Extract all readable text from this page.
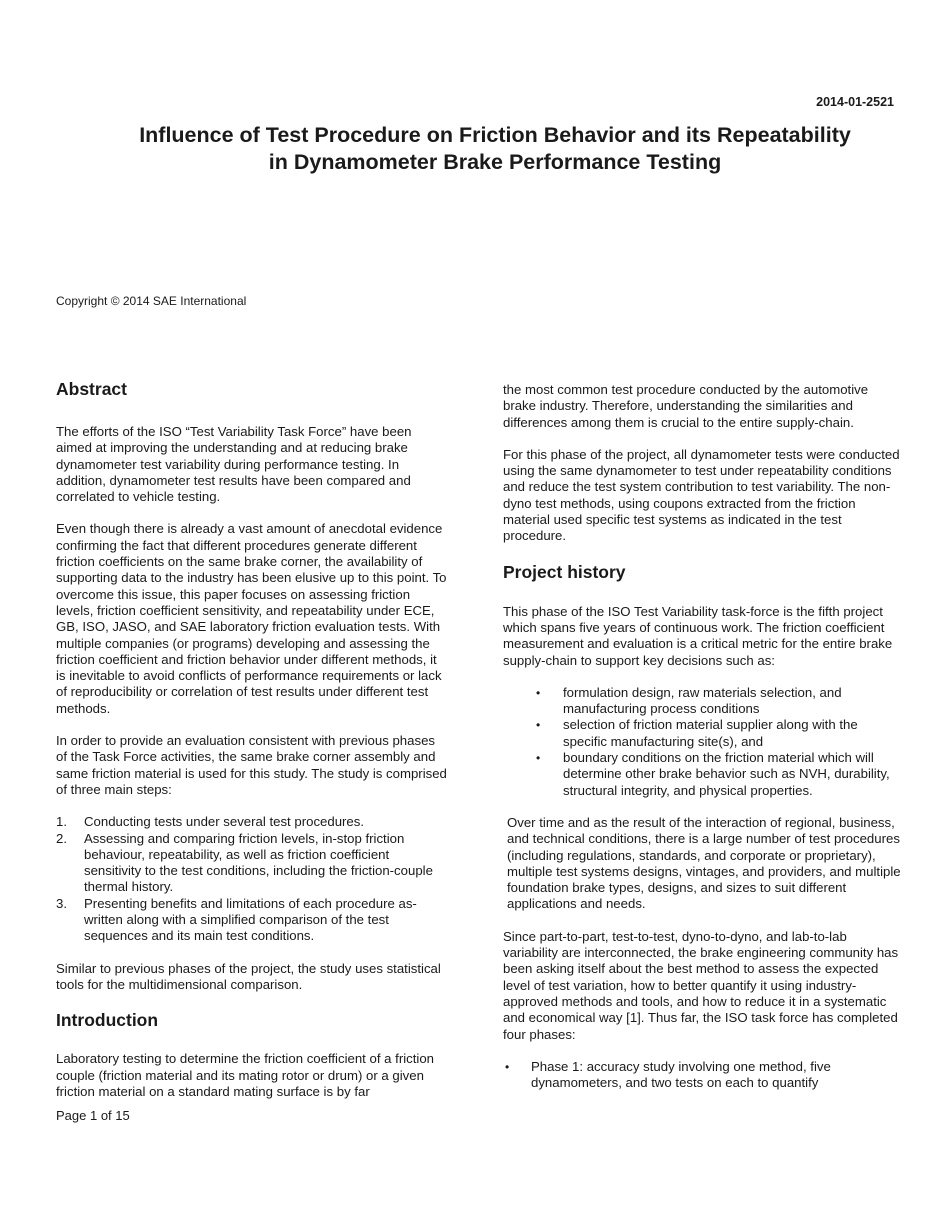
2014-01-2521
Influence of Test Procedure on Friction Behavior and its Repeatability
in Dynamometer Brake Performance Testing
Copyright © 2014 SAE International
Abstract

The efforts of the ISO “Test Variability Task Force” have been aimed at improving the understanding and at reducing brake dynamometer test variability during performance testing. In addition, dynamometer test results have been compared and correlated to vehicle testing.

Even though there is already a vast amount of anecdotal evidence confirming the fact that different procedures generate different friction coefficients on the same brake corner, the availability of supporting data to the industry has been elusive up to this point. To overcome this issue, this paper focuses on assessing friction levels, friction coefficient sensitivity, and repeatability under ECE, GB, ISO, JASO, and SAE laboratory friction evaluation tests. With multiple companies (or programs) developing and assessing the friction coefficient and friction behavior under different methods, it is inevitable to avoid conflicts of performance requirements or lack of reproducibility or correlation of test results under different test methods.

In order to provide an evaluation consistent with previous phases of the Task Force activities, the same brake corner assembly and same friction material is used for this study. The study is comprised of three main steps:

1. Conducting tests under several test procedures.
2. Assessing and comparing friction levels, in-stop friction behaviour, repeatability, as well as friction coefficient sensitivity to the test conditions, including the friction-couple thermal history.
3. Presenting benefits and limitations of each procedure as-written along with a simplified comparison of the test sequences and its main test conditions.

Similar to previous phases of the project, the study uses statistical tools for the multidimensional comparison.

Introduction

Laboratory testing to determine the friction coefficient of a friction couple (friction material and its mating rotor or drum) or a given friction material on a standard mating surface is by far

the most common test procedure conducted by the automotive brake industry. Therefore, understanding the similarities and differences among them is crucial to the entire supply-chain.

For this phase of the project, all dynamometer tests were conducted using the same dynamometer to test under repeatability conditions and reduce the test system contribution to test variability. The non-dyno test methods, using coupons extracted from the friction material used specific test systems as indicated in the test procedure.

Project history

This phase of the ISO Test Variability task-force is the fifth project which spans five years of continuous work. The friction coefficient measurement and evaluation is a critical metric for the entire brake supply-chain to support key decisions such as:

• formulation design, raw materials selection, and manufacturing process conditions
• selection of friction material supplier along with the specific manufacturing site(s), and
• boundary conditions on the friction material which will determine other brake behavior such as NVH, durability, structural integrity, and physical properties.

Over time and as the result of the interaction of regional, business, and technical conditions, there is a large number of test procedures (including regulations, standards, and corporate or proprietary), multiple test systems designs, vintages, and providers, and multiple foundation brake types, designs, and sizes to suit different applications and needs.

Since part-to-part, test-to-test, dyno-to-dyno, and lab-to-lab variability are interconnected, the brake engineering community has been asking itself about the best method to assess the expected level of test variation, how to better quantify it using industry-approved methods and tools, and how to reduce it in a systematic and economical way [1]. Thus far, the ISO task force has completed four phases:

• Phase 1: accuracy study involving one method, five dynamometers, and two tests on each to quantify
Page 1 of 15
